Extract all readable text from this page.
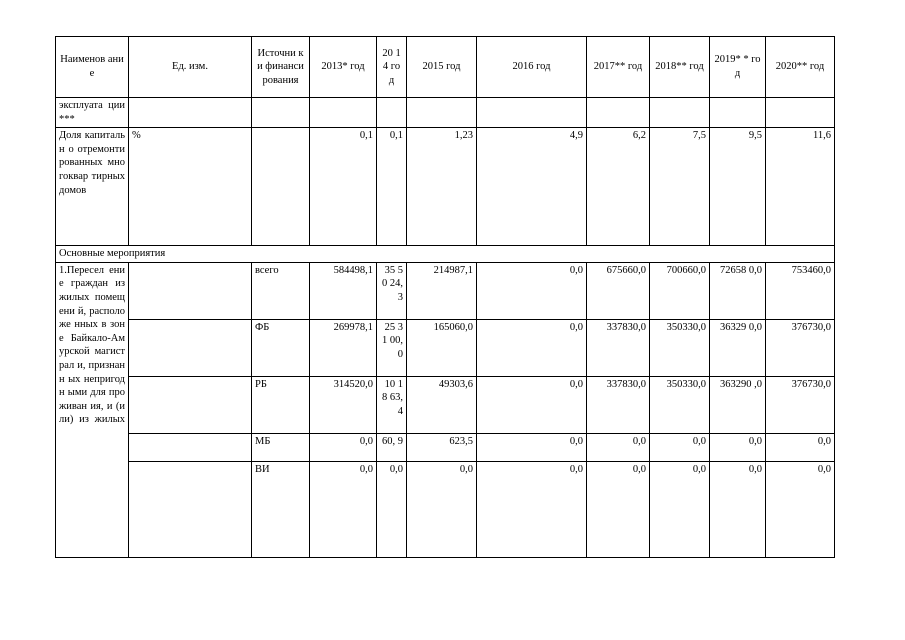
Наименов ание	Ед. изм.	Источни ки финанси рования	2013* год	20 14 го д	2015 год	2016 год	2017** год	2018** год	2019* * год	2020** год
эксплуата ции***										
Доля капитальн о отремонти рованных многоквар тирных домов	%		0,1	0,1	1,23	4,9	6,2	7,5	9,5	11,6
Основные мероприятия										
1.Пересел ение граждан из жилых помещени й, расположе нных в зоне Байкало-Амурской магистрал и, признанн ых непригодн ыми для проживан ия, и (или) из жилых		всего	584498,1	35 50 24, 3	214987,1	0,0	675660,0	700660,0	72658 0,0	753460,0
		ФБ	269978,1	25 31 00, 0	165060,0	0,0	337830,0	350330,0	36329 0,0	376730,0
		РБ	314520,0	10 18 63, 4	49303,6	0,0	337830,0	350330,0	363290 ,0	376730,0
		МБ	0,0	60, 9	623,5	0,0	0,0	0,0	0,0	0,0
		ВИ	0,0	0,0	0,0	0,0	0,0	0,0	0,0	0,0
